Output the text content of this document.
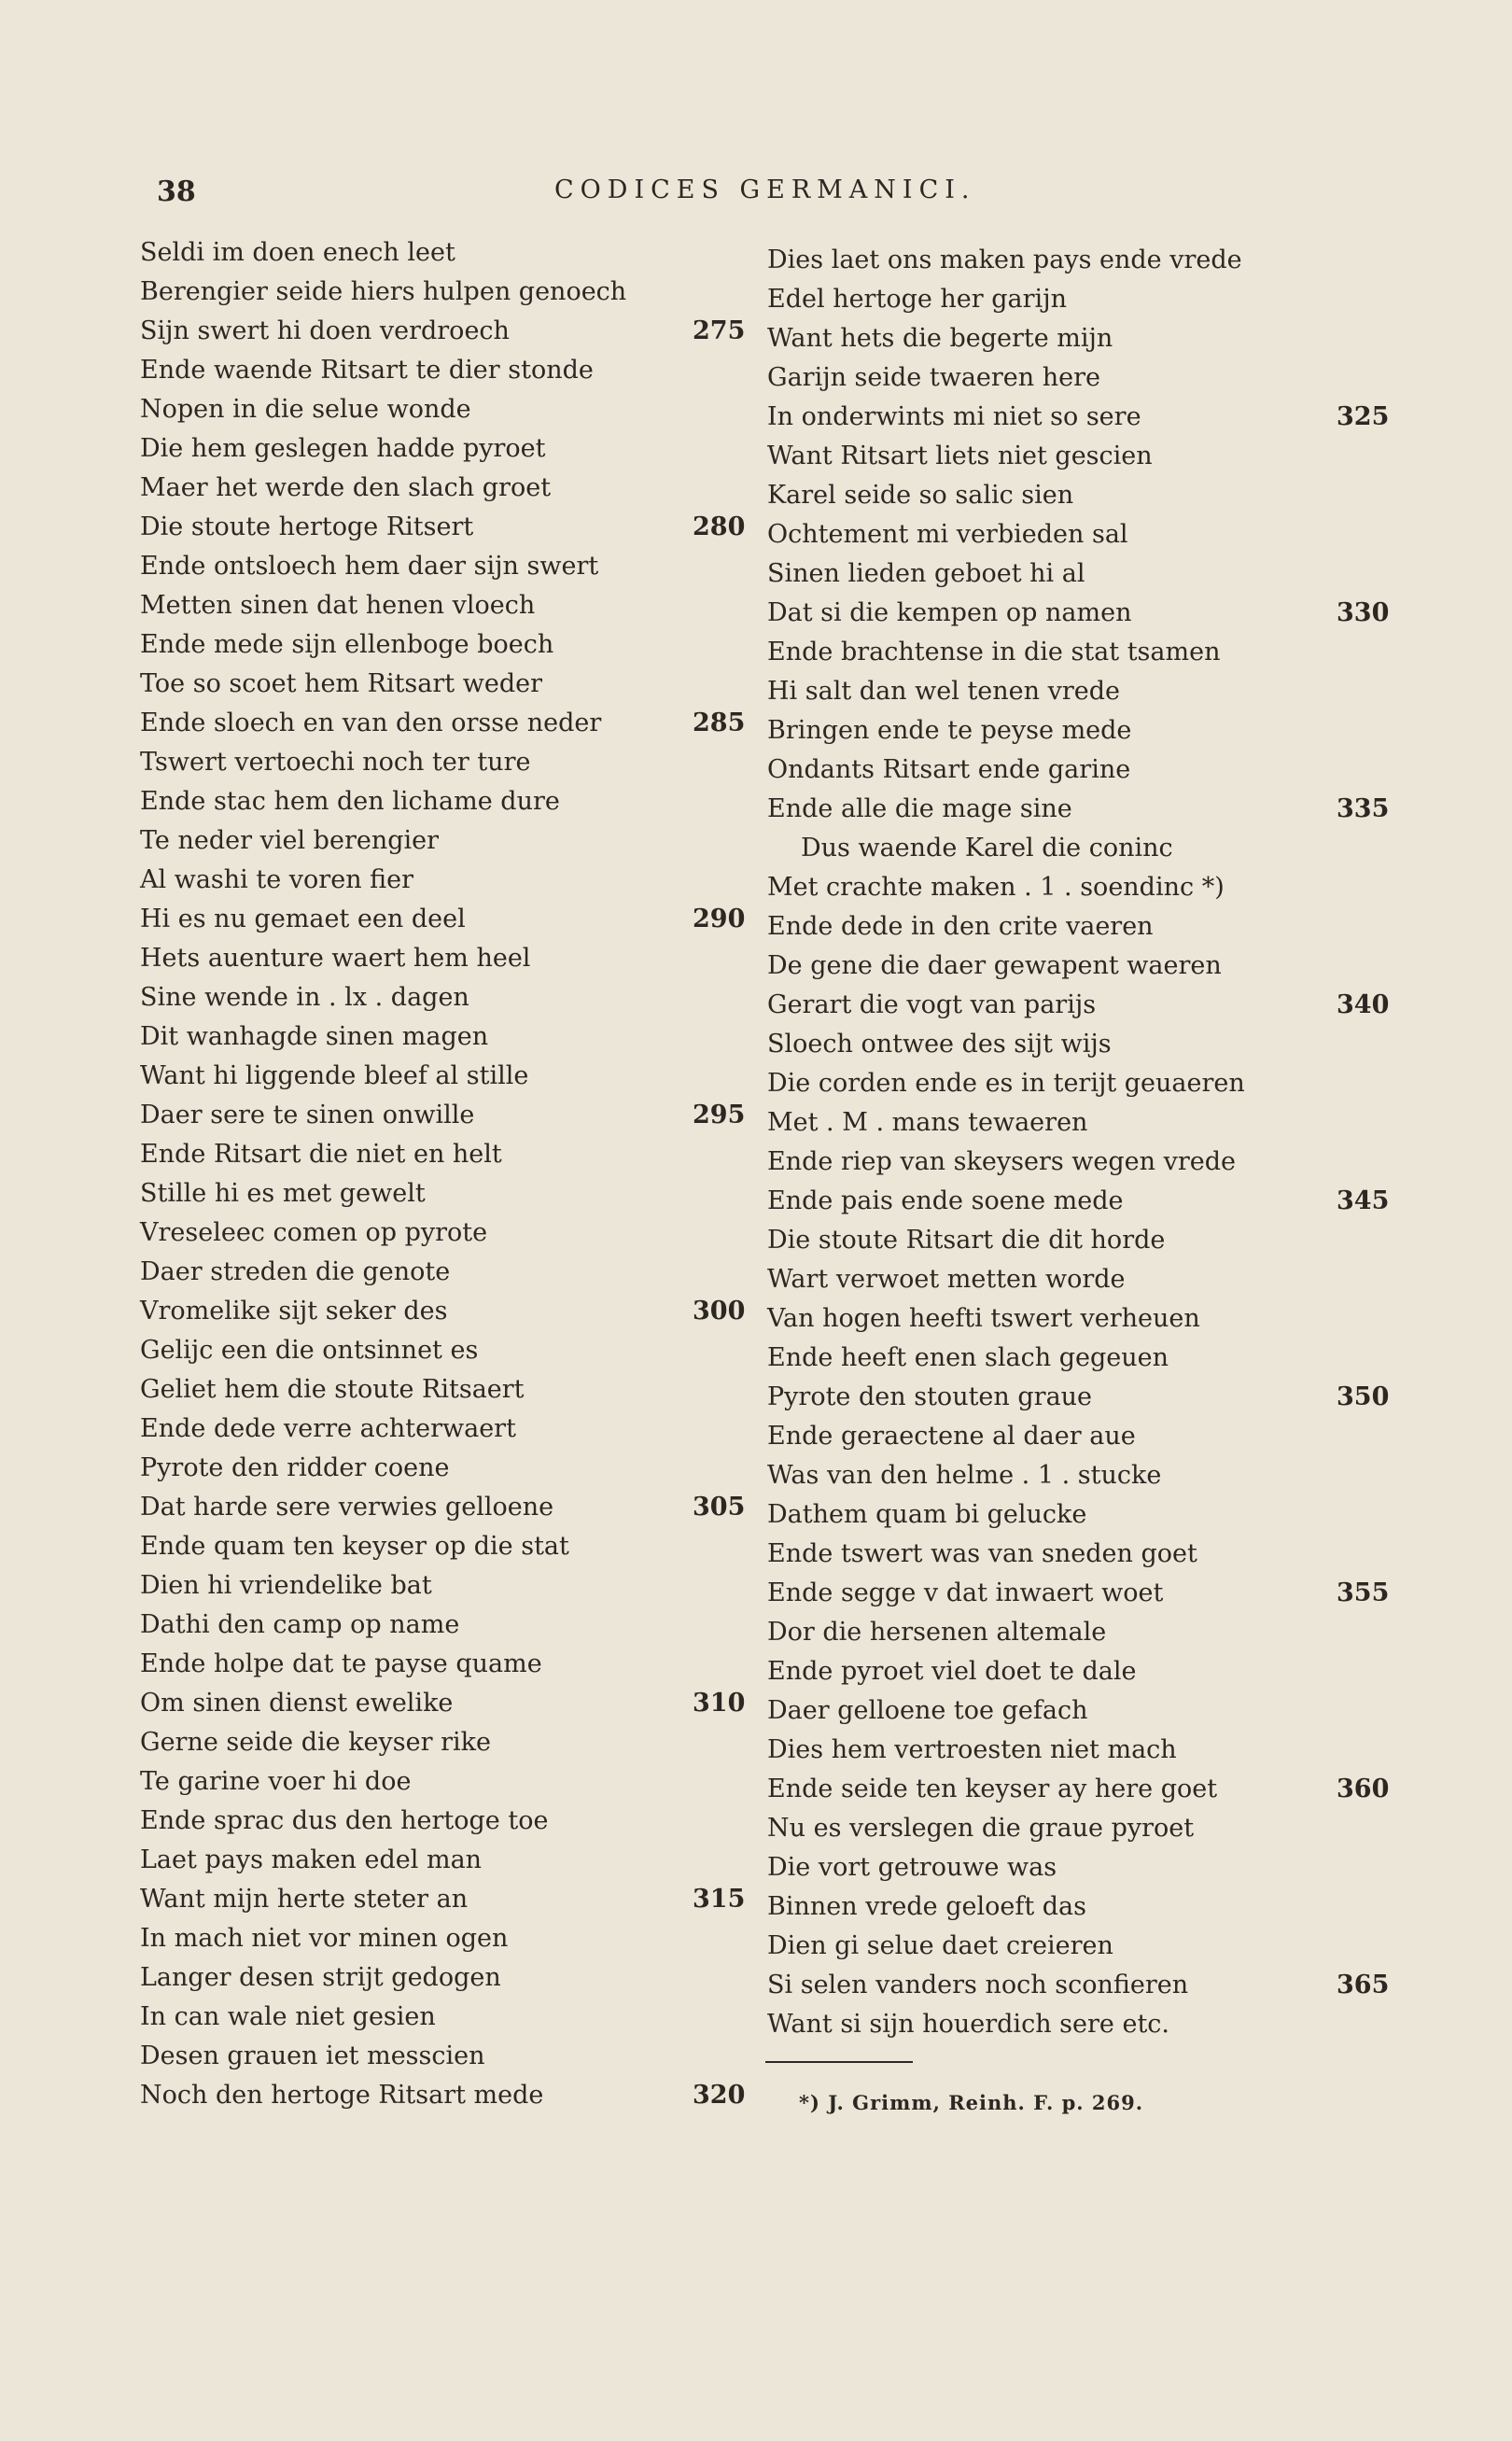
38	CODICES GERMANICI.
Seldi im doen enech leet
Berengier seide hiers hulpen genoech
Sijn swert hi doen verdroech	275
Ende waende Ritsart te dier stonde
Nopen in die selue wonde
Die hem geslegen hadde pyroet
Maer het werde den slach groet
Die stoute hertoge Ritsert	280
Ende ontsloech hem daer sijn swert
Metten sinen dat henen vloech
Ende mede sijn ellenboge boech
Toe so scoet hem Ritsart weder
Ende sloech en van den orsse neder	285
Tswert vertoechi noch ter ture
Ende stac hem den lichame dure
Te neder viel berengier
Al washi te voren fier
Hi es nu gemaet een deel	290
Hets auenture waert hem heel
Sine wende in . lx . dagen
Dit wanhagde sinen magen
Want hi liggende bleef al stille
Daer sere te sinen onwille	295
Ende Ritsart die niet en helt
Stille hi es met gewelt
Vreseleec comen op pyrote
Daer streden die genote
Vromelike sijt seker des	300
Gelijc een die ontsinnet es
Geliet hem die stoute Ritsaert
Ende dede verre achterwaert
Pyrote den ridder coene
Dat harde sere verwies gelloene	305
Ende quam ten keyser op die stat
Dien hi vriendelike bat
Dathi den camp op name
Ende holpe dat te payse quame
Om sinen dienst ewelike	310
Gerne seide die keyser rike
Te garine voer hi doe
Ende sprac dus den hertoge toe
Laet pays maken edel man
Want mijn herte steter an	315
In mach niet vor minen ogen
Langer desen strijt gedogen
In can wale niet gesien
Desen grauen iet messcien
Noch den hertoge Ritsart mede	320
Dies laet ons maken pays ende vrede
Edel hertoge her garijn
Want hets die begerte mijn
Garijn seide twaeren here
In onderwints mi niet so sere	325
Want Ritsart liets niet gescien
Karel seide so salic sien
Ochtement mi verbieden sal
Sinen lieden geboet hi al
Dat si die kempen op namen	330
Ende brachtense in die stat tsamen
Hi salt dan wel tenen vrede
Bringen ende te peyse mede
Ondants Ritsart ende garine
Ende alle die mage sine	335
Dus waende Karel die coninc
Met crachte maken . 1 . soendinc *)
Ende dede in den crite vaeren
De gene die daer gewapent waeren
Gerart die vogt van parijs	340
Sloech ontwee des sijt wijs
Die corden ende es in terijt geuaeren
Met . M . mans tewaeren
Ende riep van skeysers wegen vrede
Ende pais ende soene mede	345
Die stoute Ritsart die dit horde
Wart verwoet metten worde
Van hogen heefti tswert verheuen
Ende heeft enen slach gegeuen
Pyrote den stouten graue	350
Ende geraectene al daer aue
Was van den helme . 1 . stucke
Dathem quam bi gelucke
Ende tswert was van sneden goet
Ende segge v dat inwaert woet	355
Dor die hersenen altemale
Ende pyroet viel doet te dale
Daer gelloene toe gefach
Dies hem vertroesten niet mach
Ende seide ten keyser ay here goet	360
Nu es verslegen die graue pyroet
Die vort getrouwe was
Binnen vrede geloeft das
Dien gi selue daet creieren
Si selen vanders noch sconfieren	365
Want si sijn houerdich sere etc.
*) J. Grimm, Reinh. F. p. 269.
